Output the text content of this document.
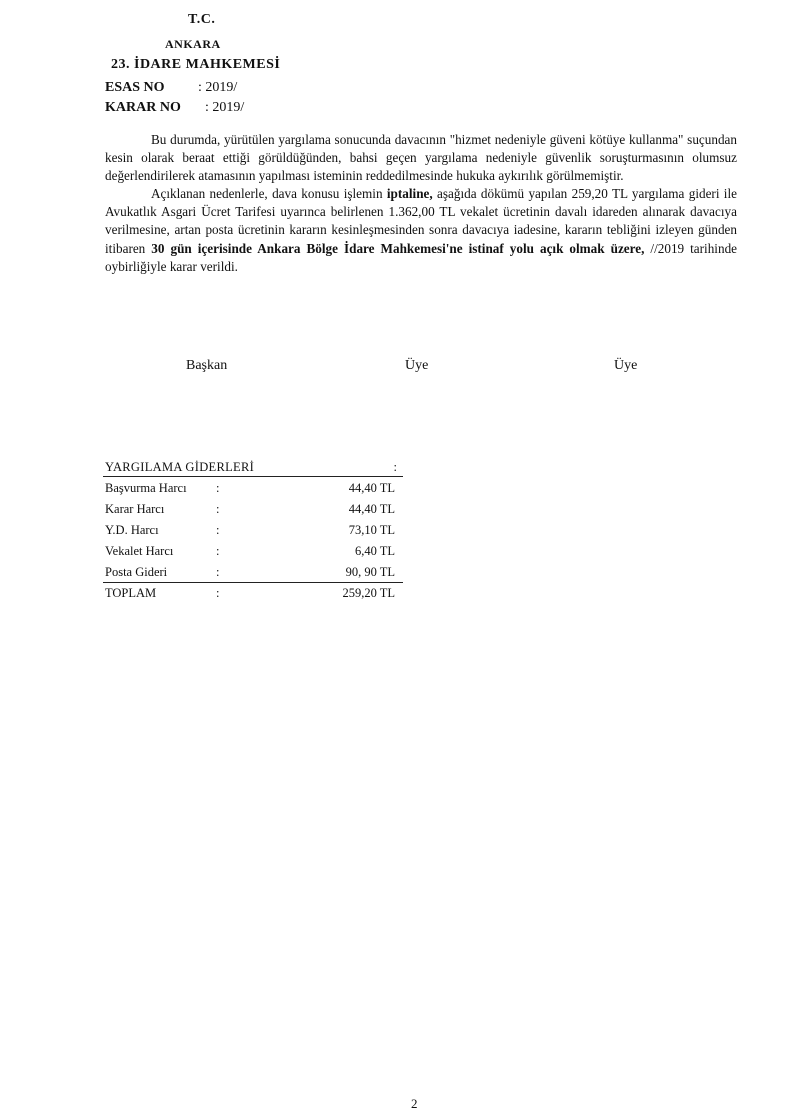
T.C.
ANKARA
23. İDARE MAHKEMESİ
ESAS NO : 2019/
KARAR NO : 2019/

Bu durumda, yürütülen yargılama sonucunda davacının "hizmet nedeniyle güveni kötüye kullanma" suçundan kesin olarak beraat ettiği görüldüğünden, bahsi geçen yargılama nedeniyle güvenlik soruşturmasının olumsuz değerlendirilerek atamasının yapılması isteminin reddedilmesinde hukuka aykırılık görülmemiştir.

Açıklanan nedenlerle, dava konusu işlemin iptaline, aşağıda dökümü yapılan 259,20 TL yargılama gideri ile Avukatlık Asgari Ücret Tarifesi uyarınca belirlenen 1.362,00 TL vekalet ücretinin davalı idareden alınarak davacıya verilmesine, artan posta ücretinin kararın kesinleşmesinden sonra davacıya iadesine, kararın tebliğini izleyen günden itibaren 30 gün içerisinde Ankara Bölge İdare Mahkemesi'ne istinaf yolu açık olmak üzere, //2019 tarihinde oybirliğiyle karar verildi.

Başkan	Üye	Üye
YARGILAMA GİDERLERİ	:
Başvurma Harcı :	44,40 TL
Karar Harcı	:	44,40 TL
Y.D. Harcı	:	73,10 TL
Vekalet Harcı	:	6,40 TL
Posta Gideri	:	90, 90 TL
TOPLAM	:	259,20 TL
2
